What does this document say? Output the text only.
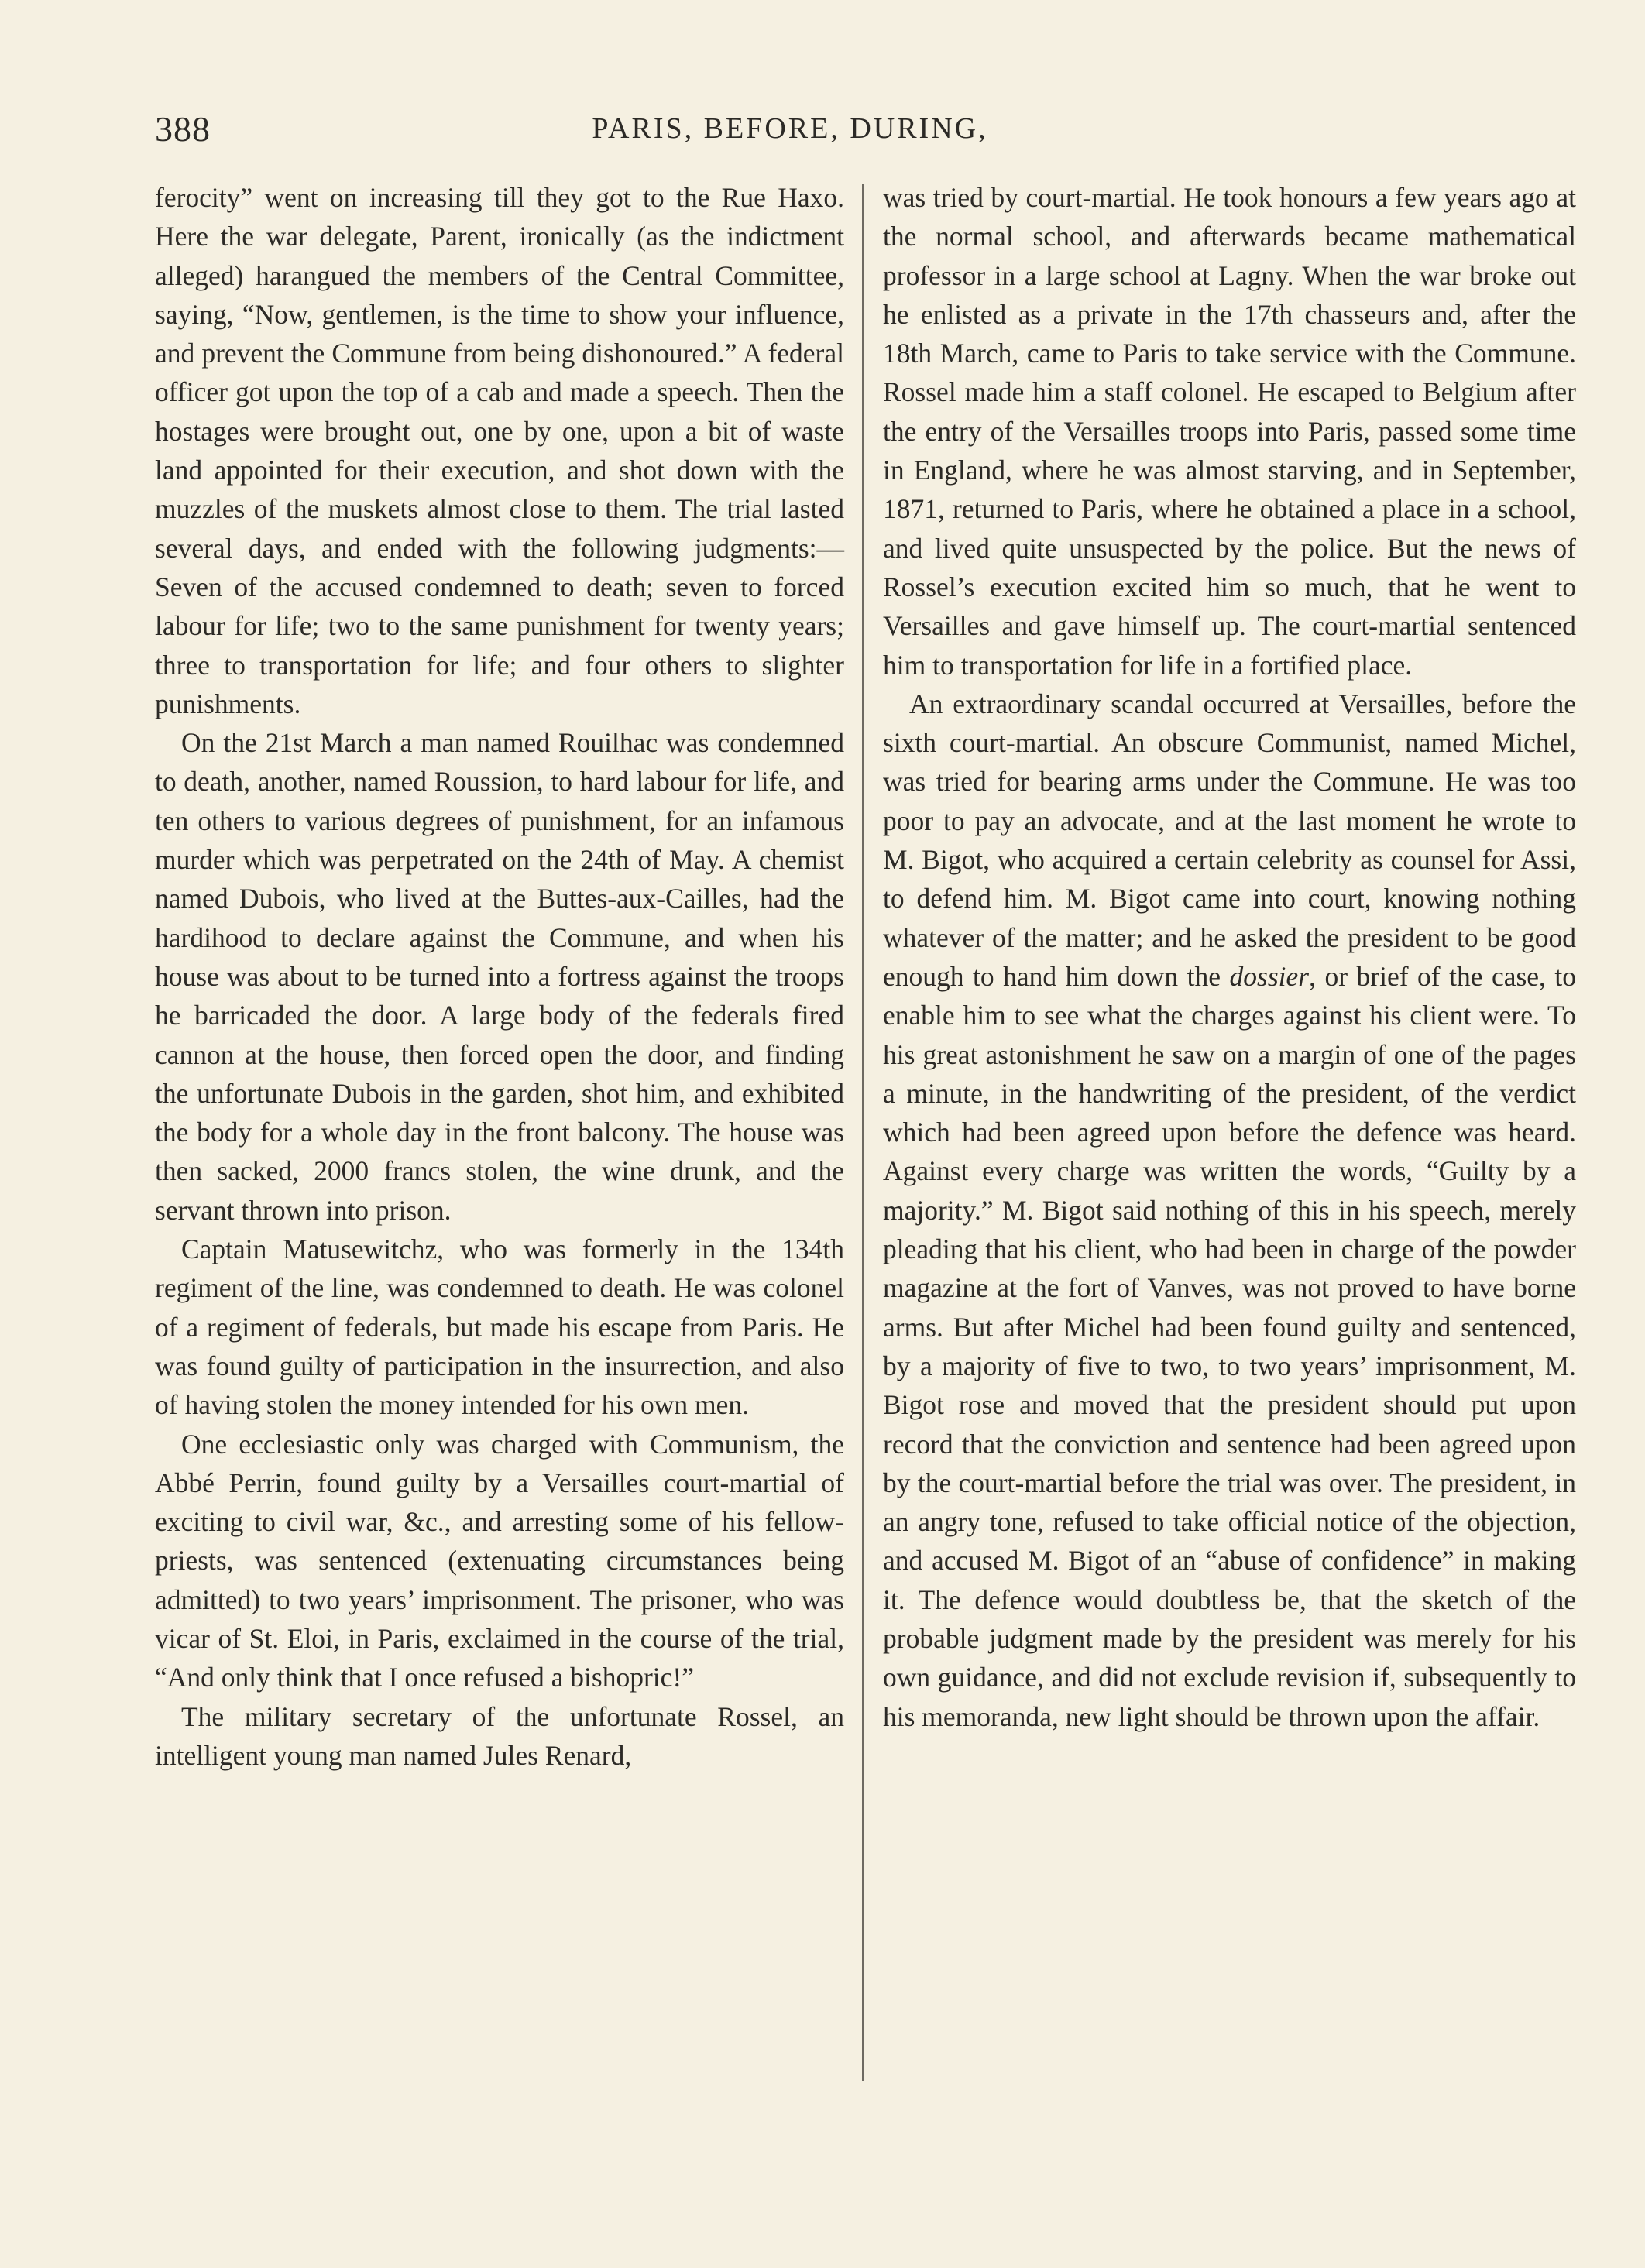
388	PARIS, BEFORE, DURING,

ferocity” went on increasing till they got to the Rue Haxo. Here the war delegate, Parent, ironically (as the indictment alleged) harangued the members of the Central Committee, saying, “Now, gentlemen, is the time to show your influence, and prevent the Commune from being dishonoured.” A federal officer got upon the top of a cab and made a speech. Then the hostages were brought out, one by one, upon a bit of waste land appointed for their execution, and shot down with the muzzles of the muskets almost close to them. The trial lasted several days, and ended with the following judgments:—Seven of the accused condemned to death; seven to forced labour for life; two to the same punishment for twenty years; three to transportation for life; and four others to slighter punishments.

On the 21st March a man named Rouilhac was condemned to death, another, named Roussion, to hard labour for life, and ten others to various degrees of punishment, for an infamous murder which was perpetrated on the 24th of May. A chemist named Dubois, who lived at the Buttes-aux-Cailles, had the hardihood to declare against the Commune, and when his house was about to be turned into a fortress against the troops he barricaded the door. A large body of the federals fired cannon at the house, then forced open the door, and finding the unfortunate Dubois in the garden, shot him, and exhibited the body for a whole day in the front balcony. The house was then sacked, 2000 francs stolen, the wine drunk, and the servant thrown into prison.

Captain Matusewitchz, who was formerly in the 134th regiment of the line, was condemned to death. He was colonel of a regiment of federals, but made his escape from Paris. He was found guilty of participation in the insurrection, and also of having stolen the money intended for his own men.

One ecclesiastic only was charged with Communism, the Abbé Perrin, found guilty by a Versailles court-martial of exciting to civil war, &c., and arresting some of his fellow-priests, was sentenced (extenuating circumstances being admitted) to two years’ imprisonment. The prisoner, who was vicar of St. Eloi, in Paris, exclaimed in the course of the trial, “And only think that I once refused a bishopric!”

The military secretary of the unfortunate Rossel, an intelligent young man named Jules Renard,

was tried by court-martial. He took honours a few years ago at the normal school, and afterwards became mathematical professor in a large school at Lagny. When the war broke out he enlisted as a private in the 17th chasseurs and, after the 18th March, came to Paris to take service with the Commune. Rossel made him a staff colonel. He escaped to Belgium after the entry of the Versailles troops into Paris, passed some time in England, where he was almost starving, and in September, 1871, returned to Paris, where he obtained a place in a school, and lived quite unsuspected by the police. But the news of Rossel’s execution excited him so much, that he went to Versailles and gave himself up. The court-martial sentenced him to transportation for life in a fortified place.

An extraordinary scandal occurred at Versailles, before the sixth court-martial. An obscure Communist, named Michel, was tried for bearing arms under the Commune. He was too poor to pay an advocate, and at the last moment he wrote to M. Bigot, who acquired a certain celebrity as counsel for Assi, to defend him. M. Bigot came into court, knowing nothing whatever of the matter; and he asked the president to be good enough to hand him down the dossier, or brief of the case, to enable him to see what the charges against his client were. To his great astonishment he saw on a margin of one of the pages a minute, in the handwriting of the president, of the verdict which had been agreed upon before the defence was heard. Against every charge was written the words, “Guilty by a majority.” M. Bigot said nothing of this in his speech, merely pleading that his client, who had been in charge of the powder magazine at the fort of Vanves, was not proved to have borne arms. But after Michel had been found guilty and sentenced, by a majority of five to two, to two years’ imprisonment, M. Bigot rose and moved that the president should put upon record that the conviction and sentence had been agreed upon by the court-martial before the trial was over. The president, in an angry tone, refused to take official notice of the objection, and accused M. Bigot of an “abuse of confidence” in making it. The defence would doubtless be, that the sketch of the probable judgment made by the president was merely for his own guidance, and did not exclude revision if, subsequently to his memoranda, new light should be thrown upon the affair.
